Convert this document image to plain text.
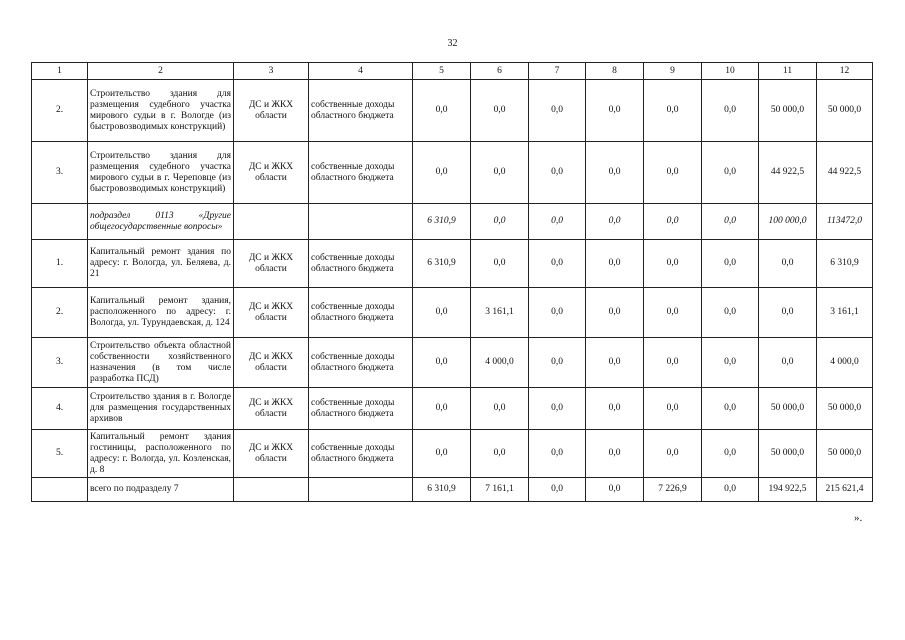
32
1	2	3	4	5	6	7	8	9	10	11	12
2.	Строительство здания для размещения судебного участка мирового судьи в г. Вологде (из быстровозводимых конструкций)	ДС и ЖКХ области	собственные доходы областного бюджета	0,0	0,0	0,0	0,0	0,0	0,0	50 000,0	50 000,0
3.	Строительство здания для размещения судебного участка мирового судьи в г. Череповце (из быстровозводимых конструкций)	ДС и ЖКХ области	собственные доходы областного бюджета	0,0	0,0	0,0	0,0	0,0	0,0	44 922,5	44 922,5
	подраздел 0113 «Другие общегосударственные вопросы»			6 310,9	0,0	0,0	0,0	0,0	0,0	100 000,0	113472,0
1.	Капитальный ремонт здания по адресу: г. Вологда, ул. Беляева, д. 21	ДС и ЖКХ области	собственные доходы областного бюджета	6 310,9	0,0	0,0	0,0	0,0	0,0	0,0	6 310,9
2.	Капитальный ремонт здания, расположенного по адресу: г. Вологда, ул. Турундаевская, д. 124	ДС и ЖКХ области	собственные доходы областного бюджета	0,0	3 161,1	0,0	0,0	0,0	0,0	0,0	3 161,1
3.	Строительство объекта областной собственности хозяйственного назначения (в том числе разработка ПСД)	ДС и ЖКХ области	собственные доходы областного бюджета	0,0	4 000,0	0,0	0,0	0,0	0,0	0,0	4 000,0
4.	Строительство здания в г. Вологде для размещения государственных архивов	ДС и ЖКХ области	собственные доходы областного бюджета	0,0	0,0	0,0	0,0	0,0	0,0	50 000,0	50 000,0
5.	Капитальный ремонт здания гостиницы, расположенного по адресу: г. Вологда, ул. Козленская, д. 8	ДС и ЖКХ области	собственные доходы областного бюджета	0,0	0,0	0,0	0,0	0,0	0,0	50 000,0	50 000,0
	всего по подразделу 7			6 310,9	7 161,1	0,0	0,0	7 226,9	0,0	194 922,5	215 621,4
».
